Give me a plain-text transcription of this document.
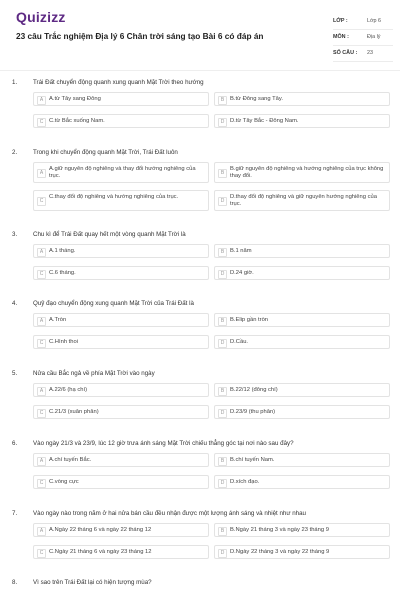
Quizizz
23 câu Trắc nghiệm Địa lý 6 Chân trời sáng tạo Bài 6 có đáp án
LỚP :	Lớp 6
MÔN :	Địa lý
SỐ CÂU : 23
1.	Trái Đất chuyển động quanh xung quanh Mặt Trời theo hướng
A	A.từ Tây sang Đông	B	B.từ Đông sang Tây.
C C.từ Bắc xuống Nam.	D D.từ Tây Bắc - Đông Nam.
2.	Trong khi chuyển động quanh Mặt Trời, Trái Đất luôn
A
A.giữ nguyên độ nghiêng và thay đổi hướng nghiêng của trục.	B
B.giữ nguyên độ nghiêng và hướng nghiêng của trục không thay đổi.
C
C.thay đổi độ nghiêng và hướng nghiêng của trục.
D
D.thay đổi độ nghiêng và giữ nguyên hướng nghiêng của trục.
3.	Chu kì để Trái Đất quay hết một vòng quanh Mặt Trời là
A	A.1 tháng.	B	B.1 năm
C C.6 tháng.	D D.24 giờ.
4.	Quỹ đạo chuyển động xung quanh Mặt Trời của Trái Đất là
A	A.Tròn	B	B.Elip gần tròn
C C.Hình thoi	D D.Cầu.
5.	Nửa cầu Bắc ngả về phía Mặt Trời vào ngày
A	A.22/6 (hạ chí)	B	B.22/12 (đông chí)
C C.21/3 (xuân phân)	D D.23/9 (thu phân)
6.	Vào ngày 21/3 và 23/9, lúc 12 giờ trưa ánh sáng Mặt Trời chiếu thẳng góc tại nơi nào sau đây?
A	A.chí tuyến Bắc.	B	B.chí tuyến Nam.
C C.vòng cực	D D.xích đạo.
7.	Vào ngày nào trong năm ở hai nửa bán cầu đều nhận được một lượng ánh sáng và nhiệt như nhau
A	A.Ngày 22 tháng 6 và ngày 22 tháng 12	B	B.Ngày 21 tháng 3 và ngày 23 tháng 9
C C.Ngày 21 tháng 6 và ngày 23 tháng 12	D D.Ngày 22 tháng 3 và ngày 22 tháng 9
8.	Vì sao trên Trái Đất lại có hiện tượng mùa?
